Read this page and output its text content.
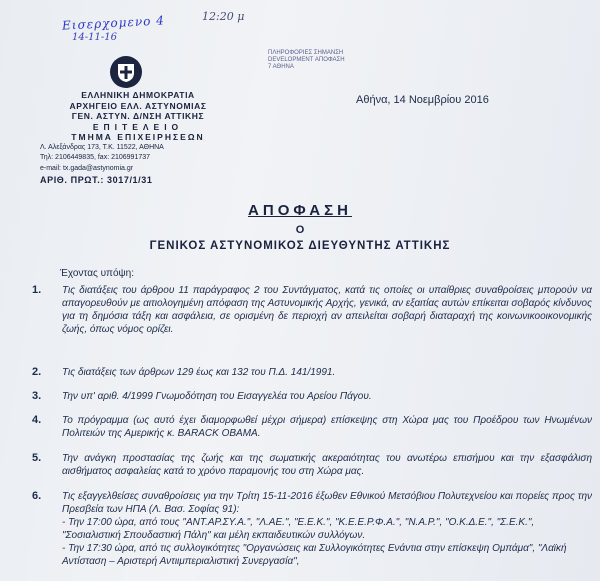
Εισερχομενο 4
14-11-16
12:20 μ
ΠΛΗΡΟΦΟΡΙΕΣ ΣΗΜΑΝΣΗ
DEVELOPMENT ΑΠΟΦΑΣΗ
7 ΑΘΗΝΑ
ΕΛΛΗΝΙΚΗ ΔΗΜΟΚΡΑΤΙΑ
ΑΡΧΗΓΕΙΟ ΕΛΛ. ΑΣΤΥΝΟΜΙΑΣ
ΓΕΝ. ΑΣΤΥΝ. Δ/ΝΣΗ ΑΤΤΙΚΗΣ
ΕΠΙΤΕΛΕΙΟ
ΤΜΗΜΑ ΕΠΙΧΕΙΡΗΣΕΩΝ
Λ. Αλεξάνδρας 173, Τ.Κ. 11522, ΑΘΗΝΑ
Τηλ: 2106449835, fax: 2106991737
e-mail: tx.gada@astynomia.gr
ΑΡΙΘ. ΠΡΩΤ.: 3017/1/31
Αθήνα, 14 Νοεμβρίου 2016
ΑΠΟΦΑΣΗ
Ο
ΓΕΝΙΚΟΣ ΑΣΤΥΝΟΜΙΚΟΣ ΔΙΕΥΘΥΝΤΗΣ ΑΤΤΙΚΗΣ
Έχοντας υπόψη:
1. Τις διατάξεις του άρθρου 11 παράγραφος 2 του Συντάγματος, κατά τις οποίες οι υπαίθριες συναθροίσεις μπορούν να απαγορευθούν με αιτιολογημένη απόφαση της Αστυνομικής Αρχής, γενικά, αν εξαιτίας αυτών επίκειται σοβαρός κίνδυνος για τη δημόσια τάξη και ασφάλεια, σε ορισμένη δε περιοχή αν απειλείται σοβαρή διαταραχή της κοινωνικοοικονομικής ζωής, όπως νόμος ορίζει.
2. Τις διατάξεις των άρθρων 129 έως και 132 του Π.Δ. 141/1991.
3. Την υπ' αριθ. 4/1999 Γνωμοδότηση του Εισαγγελέα του Αρείου Πάγου.
4. Το πρόγραμμα (ως αυτό έχει διαμορφωθεί μέχρι σήμερα) επίσκεψης στη Χώρα μας του Προέδρου των Ηνωμένων Πολιτειών της Αμερικής κ. BARACK OBAMA.
5. Την ανάγκη προστασίας της ζωής και της σωματικής ακεραιότητας του ανωτέρω επισήμου και την εξασφάλιση αισθήματος ασφαλείας κατά το χρόνο παραμονής του στη Χώρα μας.
6. Τις εξαγγελθείσες συναθροίσεις για την Τρίτη 15-11-2016 έξωθεν Εθνικού Μετσόβιου Πολυτεχνείου και πορείες προς την Πρεσβεία των ΗΠΑ (Λ. Βασ. Σοφίας 91):
- Την 17:00 ώρα, από τους "ΑΝΤ.ΑΡ.ΣΥ.Α.", "Λ.ΑΕ.", "Ε.Ε.Κ.", "Κ.Ε.Ε.Ρ.Φ.Α.", "Ν.Α.Ρ.", "Ο.Κ.Δ.Ε.", "Σ.Ε.Κ.", "Σοσιαλιστική Σπουδαστική Πάλη" και μέλη εκπαιδευτικών συλλόγων.
- Την 17:30 ώρα, από τις συλλογικότητες "Οργανώσεις και Συλλογικότητες Ενάντια στην επίσκεψη Ομπάμα", "Λαϊκή Αντίσταση – Αριστερή Αντιιμπεριαλιστική Συνεργασία",
